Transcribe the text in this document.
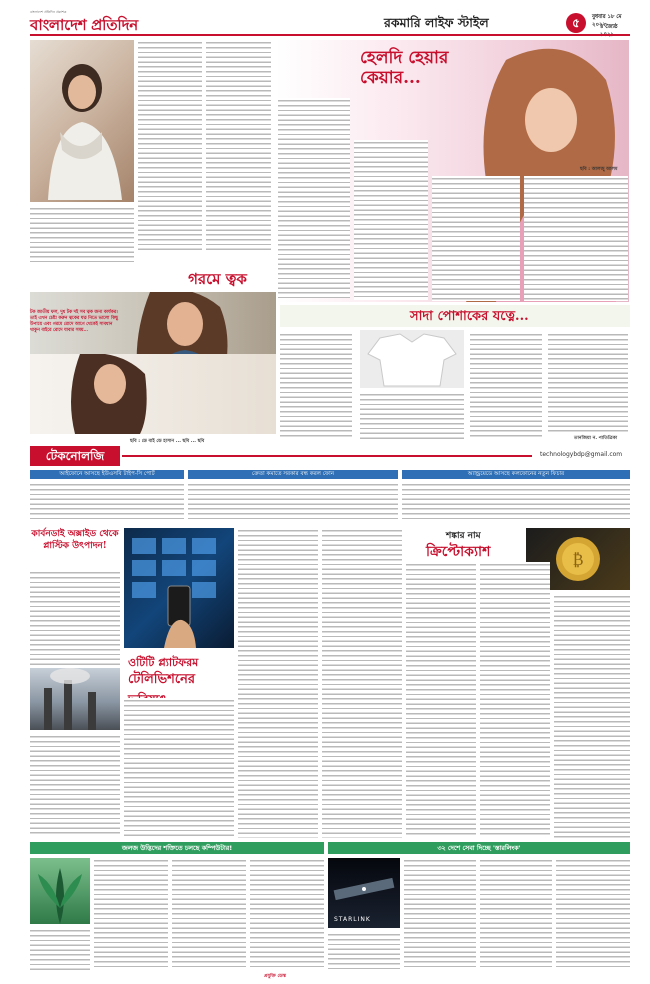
বাংলাদেশ প্রতিদিন প্রকাশক
বাংলাদেশ প্রতিদিন	রকমারি লাইফ স্টাইল	৫	বুধবার ১৮ মে ২০২২
৪ জ্যৈষ্ঠ
হেলদি হেয়ার কেয়ার...
ছবি : আলজু আলম
গরমে ত্বক
টক জাতীয় ফল, দুধ টক দই সব ত্বক জন্য কার্যকর। তাই এখন চেষ্টা করুন ত্বকের যত্ন নিতে ভালো কিছু উপায়ে এবং গরমে রোদে আগে থেকেই সাবধান থাকুন বাইরে রোদে যাবার সময়...
ছবি : ডে বাই ডে হাসান ... ছবি ... ছবি
সাদা পোশাকের যত্নে...
তানজিয়া ন. পাতিত্রিকা
টেকনোলজি	technologybdp@gmail.com
আইফোনে আসছে ইউএসবি টাইপ-সি পোর্ট	ক্রেতা কমাতে সরকার বন্ধ করল ফোন	অ্যান্ড্রয়েডে আসছে কলফোনের নতুন ফিচার
কার্বনডাই অক্সাইড থেকে প্লাস্টিক উৎপাদন!
ওটিটি প্ল্যাটফরম
টেলিভিশনের
শঙ্কার নাম
ক্রিপ্টোক্যাশ	₿
জলজ উদ্ভিদের শক্তিতে চলছে কম্পিউটার!	৩২ দেশে সেবা দিচ্ছে 'স্তারলিংক'
STARLINK
প্রযুক্তি ডেস্ক
